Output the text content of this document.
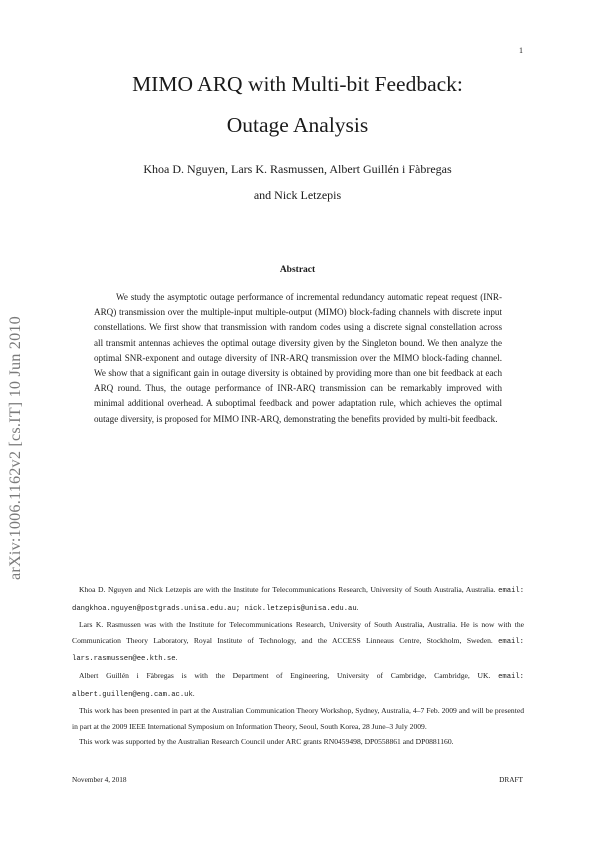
1
MIMO ARQ with Multi-bit Feedback:
Outage Analysis
Khoa D. Nguyen, Lars K. Rasmussen, Albert Guillén i Fàbregas
and Nick Letzepis
arXiv:1006.1162v2 [cs.IT] 10 Jun 2010
Abstract
We study the asymptotic outage performance of incremental redundancy automatic repeat request (INR-ARQ) transmission over the multiple-input multiple-output (MIMO) block-fading channels with discrete input constellations. We first show that transmission with random codes using a discrete signal constellation across all transmit antennas achieves the optimal outage diversity given by the Singleton bound. We then analyze the optimal SNR-exponent and outage diversity of INR-ARQ transmission over the MIMO block-fading channel. We show that a significant gain in outage diversity is obtained by providing more than one bit feedback at each ARQ round. Thus, the outage performance of INR-ARQ transmission can be remarkably improved with minimal additional overhead. A suboptimal feedback and power adaptation rule, which achieves the optimal outage diversity, is proposed for MIMO INR-ARQ, demonstrating the benefits provided by multi-bit feedback.

Khoa D. Nguyen and Nick Letzepis are with the Institute for Telecommunications Research, University of South Australia, Australia. email: dangkhoa.nguyen@postgrads.unisa.edu.au; nick.letzepis@unisa.edu.au.

Lars K. Rasmussen was with the Institute for Telecommunications Research, University of South Australia, Australia. He is now with the Communication Theory Laboratory, Royal Institute of Technology, and the ACCESS Linneaus Centre, Stockholm, Sweden. email: lars.rasmussen@ee.kth.se.

Albert Guillén i Fàbregas is with the Department of Engineering, University of Cambridge, Cambridge, UK. email: albert.guillen@eng.cam.ac.uk.

This work has been presented in part at the Australian Communication Theory Workshop, Sydney, Australia, 4–7 Feb. 2009 and will be presented in part at the 2009 IEEE International Symposium on Information Theory, Seoul, South Korea, 28 June–3 July 2009.

This work was supported by the Australian Research Council under ARC grants RN0459498, DP0558861 and DP0881160.

November 4, 2018	DRAFT
